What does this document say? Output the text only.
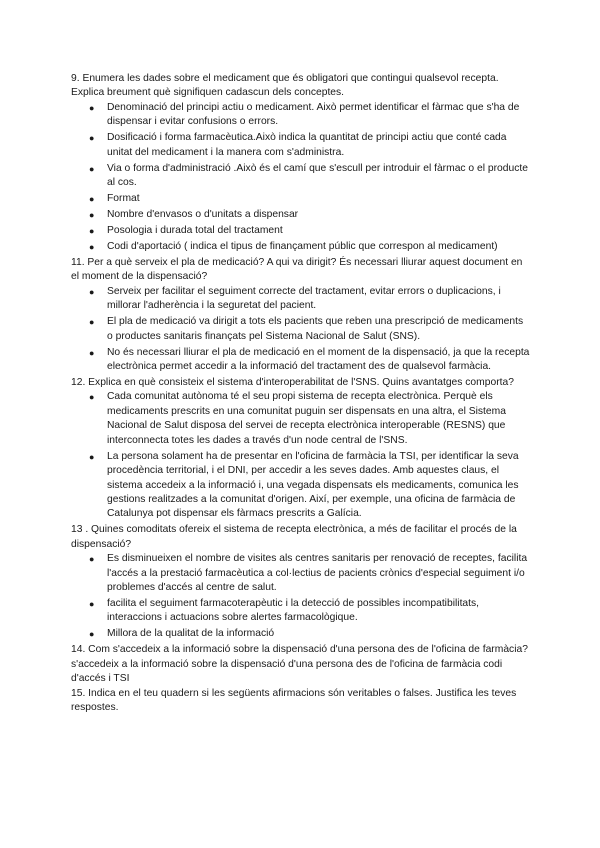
9. Enumera les dades sobre el medicament que és obligatori que contingui qualsevol recepta. Explica breument què signifiquen cadascun dels conceptes.

● Denominació del principi actiu o medicament. Això permet identificar el fàrmac que s'ha de dispensar i evitar confusions o errors.
● Dosificació i forma farmacèutica.Això indica la quantitat de principi actiu que conté cada unitat del medicament i la manera com s'administra.
● Via o forma d'administració .Això és el camí que s'escull per introduir el fàrmac o el producte al cos.
● Format
● Nombre d'envasos o d'unitats a dispensar
● Posologia i durada total del tractament
● Codi d'aportació ( indica el tipus de finançament públic que correspon al medicament)

11. Per a què serveix el pla de medicació? A qui va dirigit? És necessari lliurar aquest document en el moment de la dispensació?

● Serveix per facilitar el seguiment correcte del tractament, evitar errors o duplicacions, i millorar l'adherència i la seguretat del pacient.
● El pla de medicació va dirigit a tots els pacients que reben una prescripció de medicaments o productes sanitaris finançats pel Sistema Nacional de Salut (SNS).
● No és necessari lliurar el pla de medicació en el moment de la dispensació, ja que la recepta electrònica permet accedir a la informació del tractament des de qualsevol farmàcia.

12. Explica en què consisteix el sistema d'interoperabilitat de l'SNS. Quins avantatges comporta?

● Cada comunitat autònoma té el seu propi sistema de recepta electrònica. Perquè els medicaments prescrits en una comunitat puguin ser dispensats en una altra, el Sistema Nacional de Salut disposa del servei de recepta electrònica interoperable (RESNS) que interconnecta totes les dades a través d'un node central de l'SNS.
● La persona solament ha de presentar en l'oficina de farmàcia la TSI, per identificar la seva procedència territorial, i el DNI, per accedir a les seves dades. Amb aquestes claus, el sistema accedeix a la informació i, una vegada dispensats els medicaments, comunica les gestions realitzades a la comunitat d'origen. Així, per exemple, una oficina de farmàcia de Catalunya pot dispensar els fàrmacs prescrits a Galícia.

13 . Quines comoditats ofereix el sistema de recepta electrònica, a més de facilitar el procés de la dispensació?

● Es disminueixen el nombre de visites als centres sanitaris per renovació de receptes, facilita l'accés a la prestació farmacèutica a col·lectius de pacients crònics d'especial seguiment i/o problemes d'accés al centre de salut.
● facilita el seguiment farmacoterapèutic i la detecció de possibles incompatibilitats, interaccions i actuacions sobre alertes farmacològique.
● Millora de la qualitat de la informació

14. Com s'accedeix a la informació sobre la dispensació d'una persona des de l'oficina de farmàcia?

s'accedeix a la informació sobre la dispensació d'una persona des de l'oficina de farmàcia codi d'accés i TSI

15. Indica en el teu quadern si les següents afirmacions són veritables o falses. Justifica les teves respostes.
